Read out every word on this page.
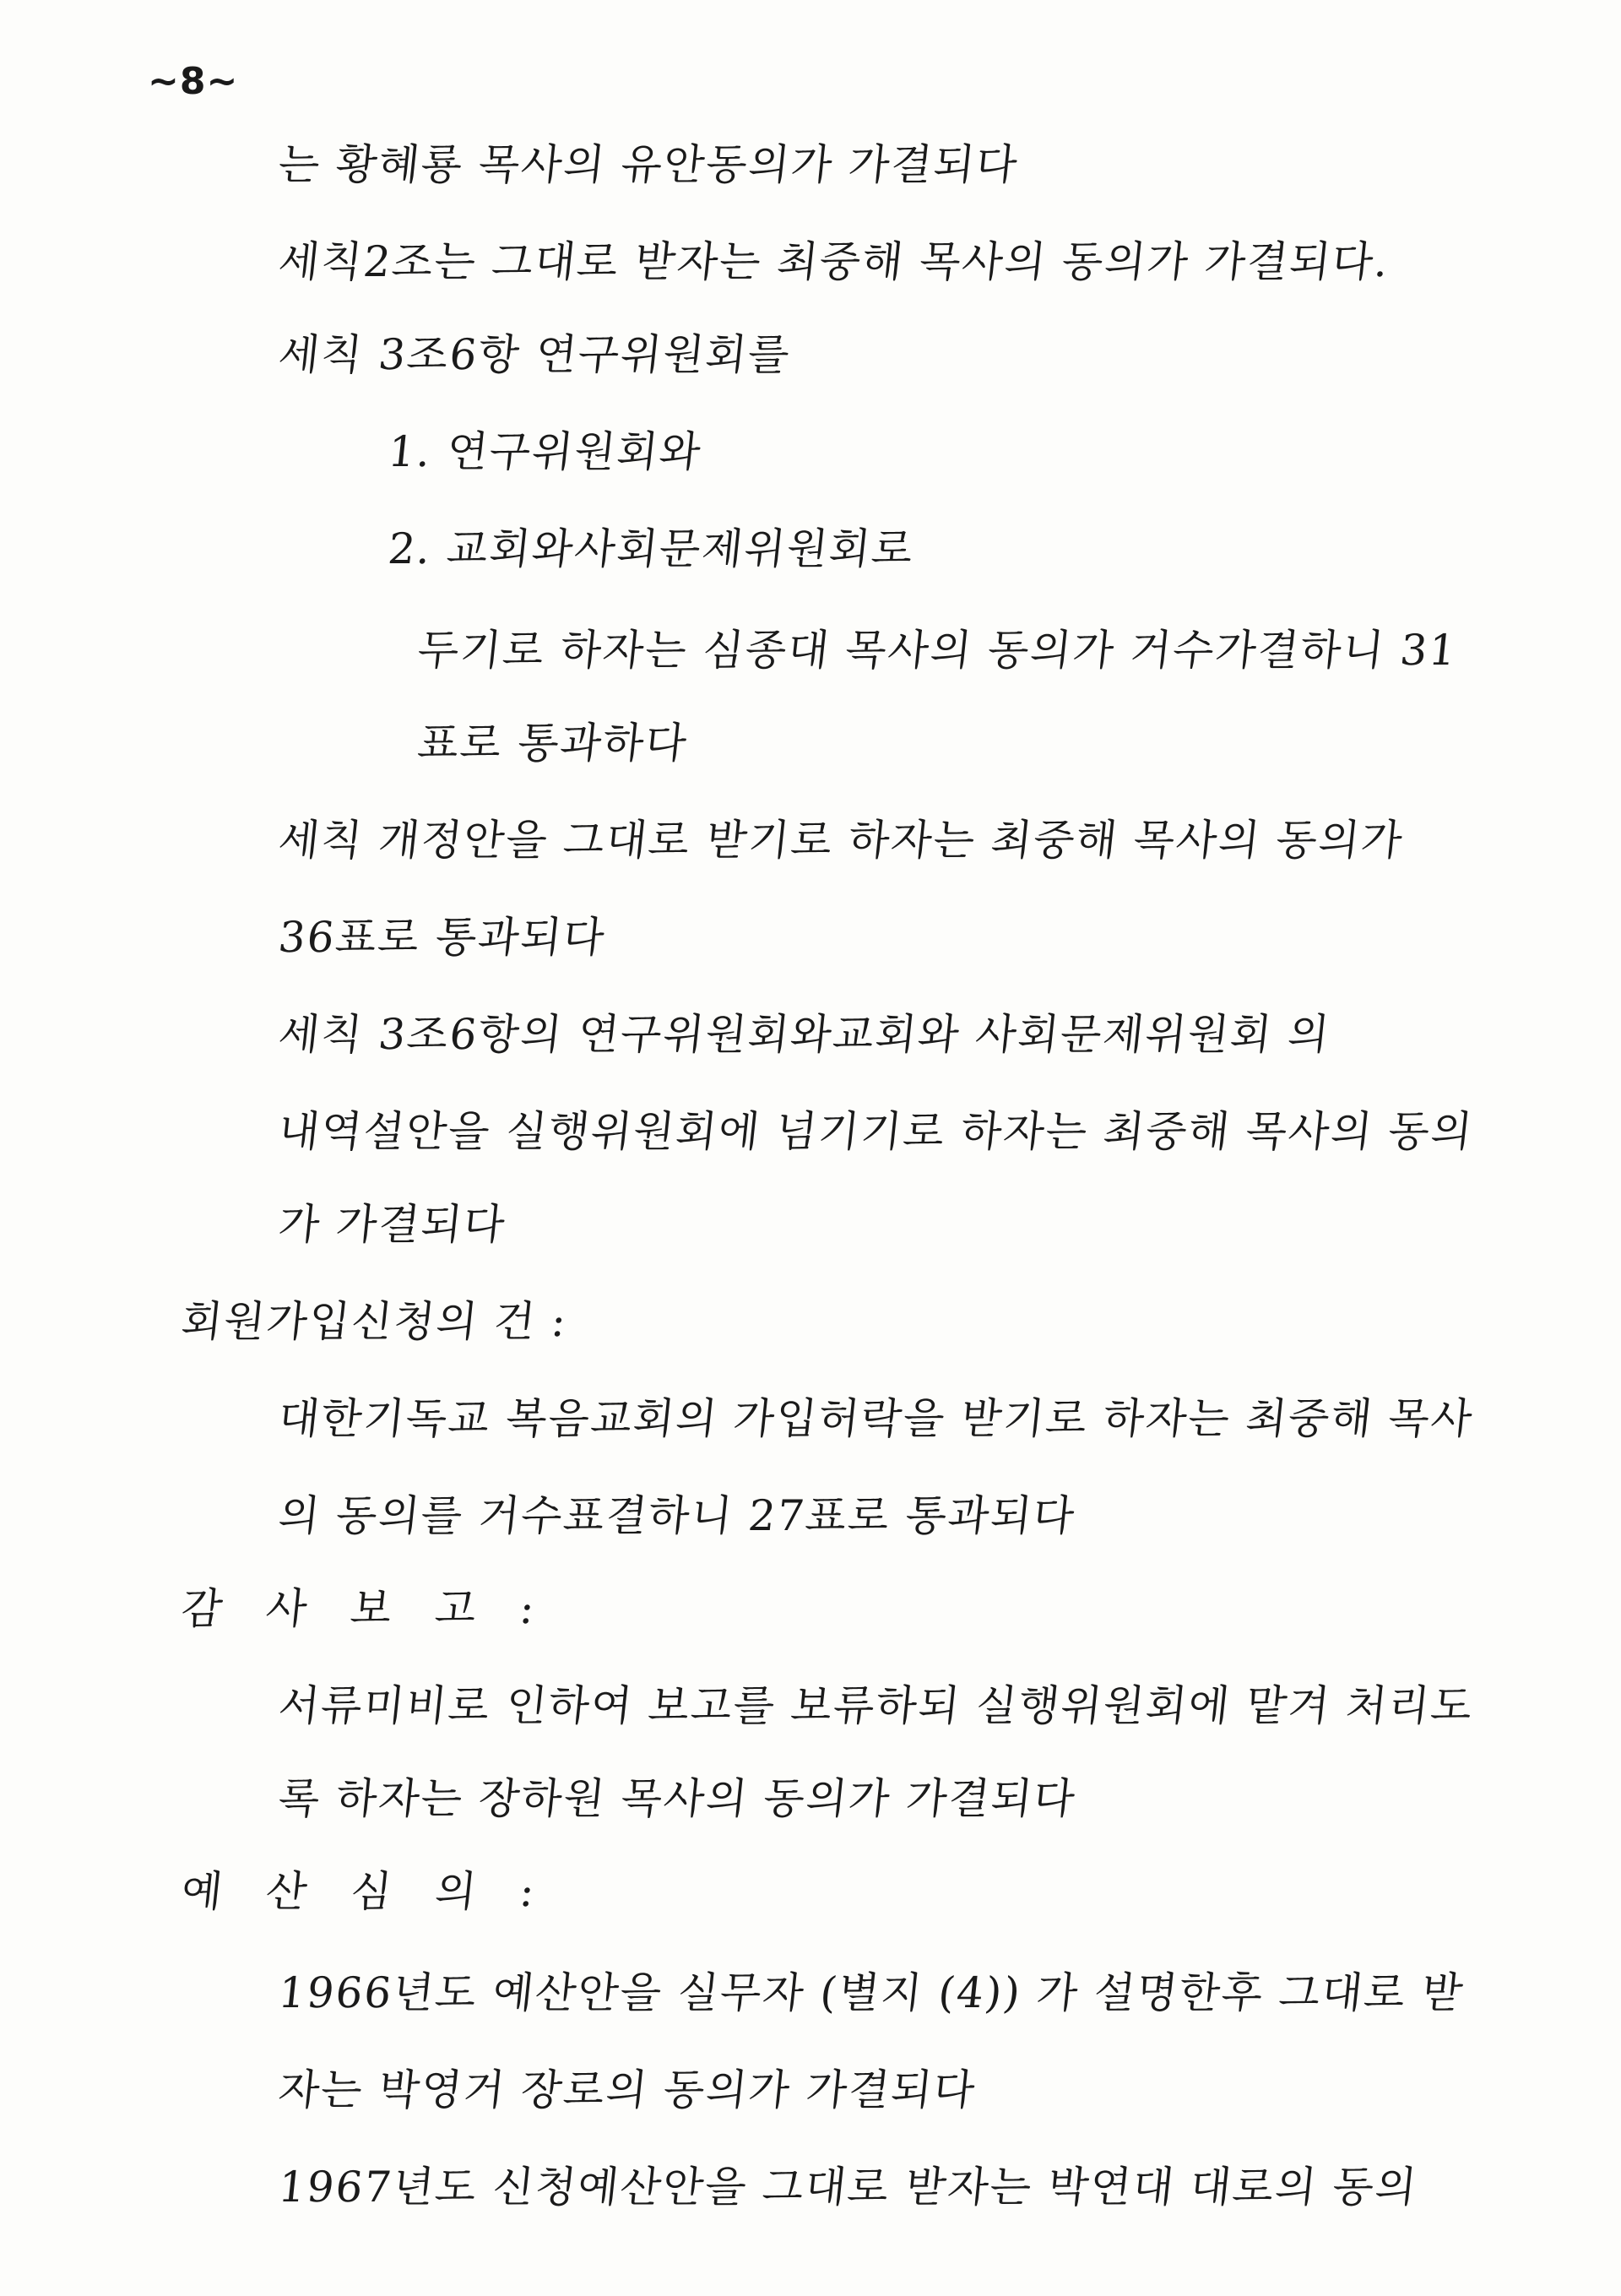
~8~
는 황혜룡 목사의 유안동의가 가결되다
세칙2조는 그대로 받자는 최중해 목사의 동의가 가결되다.
세칙 3조6항 연구위원회를
1. 연구위원회와
2. 교회와사회문제위원회로
두기로 하자는 심종대 목사의 동의가 거수가결하니 31
표로 통과하다
세칙 개정안을 그대로 받기로 하자는 최중해 목사의 동의가
36표로 통과되다
세칙 3조6항의 연구위원회와교회와 사회문제위원회 의
내역설안을 실행위원회에 넘기기로 하자는 최중해 목사의 동의
가 가결되다
회원가입신청의 건 :
대한기독교 복음교회의 가입허락을 받기로 하자는 최중해 목사
의 동의를 거수표결하니 27표로 통과되다
감 사 보 고 :
서류미비로 인하여 보고를 보류하되 실행위원회에 맡겨 처리도
록 하자는 장하원 목사의 동의가 가결되다
예 산 심 의 :
1966년도 예산안을 실무자 (별지 (4)) 가 설명한후 그대로 받
자는 박영거 장로의 동의가 가결되다
1967년도 신청예산안을 그대로 받자는 박연대 대로의 동의
